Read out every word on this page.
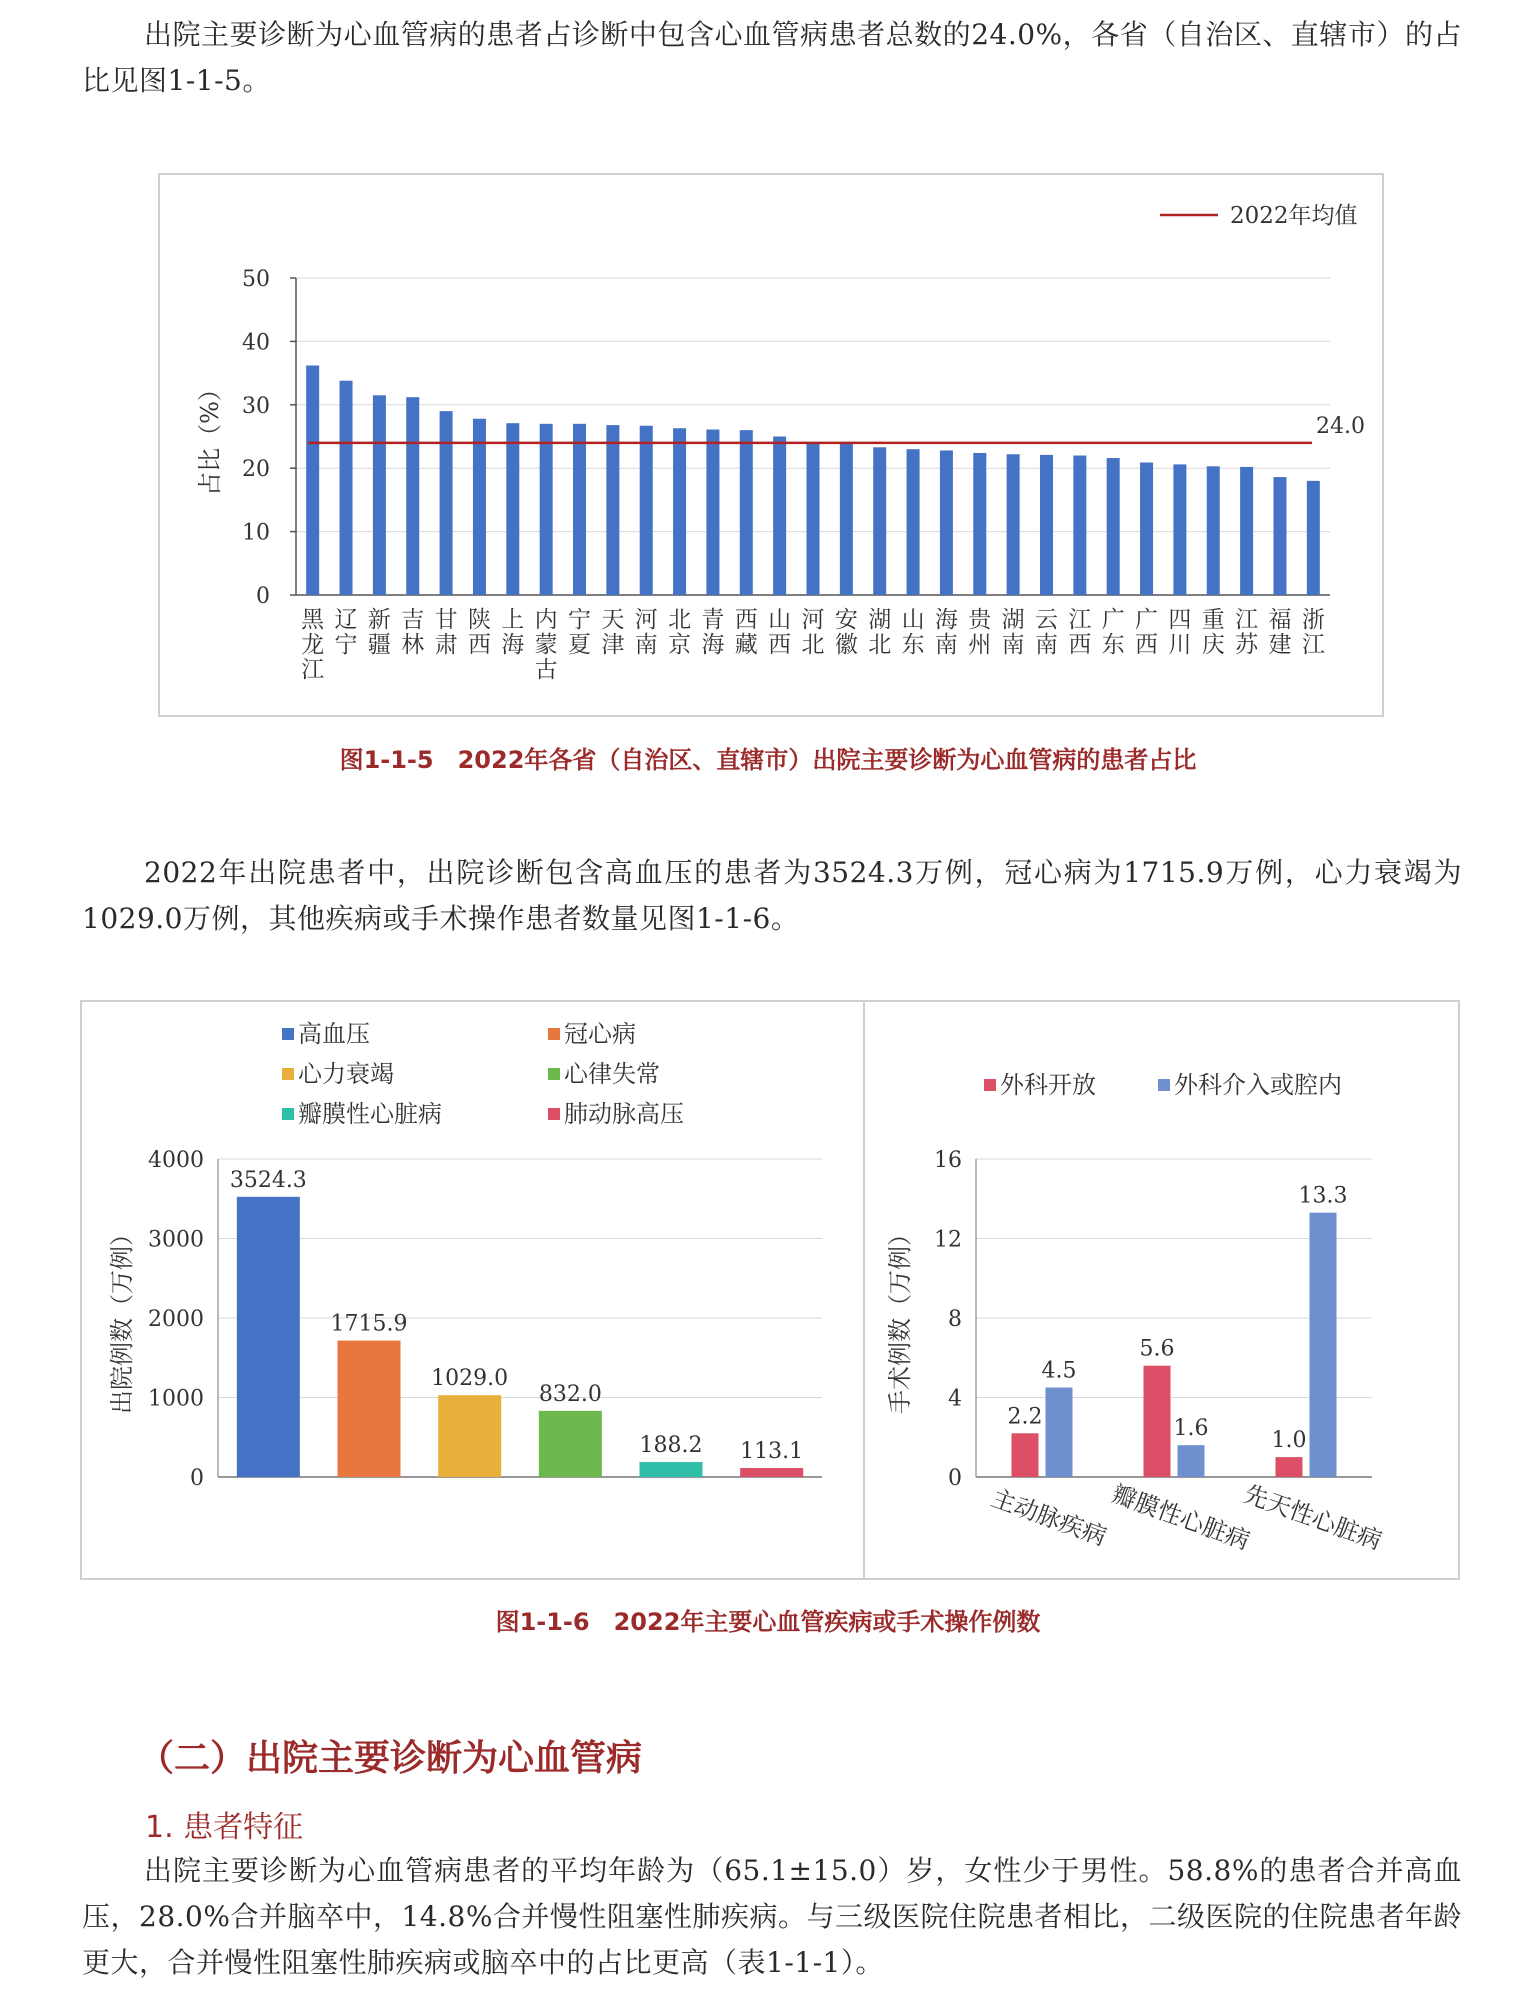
出院主要诊断为心血管病的患者占诊断中包含心血管病患者总数的24.0%，各省（自治区、直辖市）的占比见图1-1-5。

0
10
20
30
40
50
占比（%）
黑龙江
辽宁
新疆
吉林
甘肃
陕西
上海
内蒙古
宁夏
天津
河南
北京
青海
西藏
山西
河北
安徽
湖北
山东
海南
贵州
湖南
云南
江西
广东
广西
四川
重庆
江苏
福建
浙江
24.0
2022年均值
图1-1-5　2022年各省（自治区、直辖市）出院主要诊断为心血管病的患者占比

2022年出院患者中，出院诊断包含高血压的患者为3524.3万例，冠心病为1715.9万例，心力衰竭为1029.0万例，其他疾病或手术操作患者数量见图1-1-6。

0
1000
2000
3000
4000
出院例数（万例）
3524.3
1715.9
1029.0
832.0
188.2 113.1
高血压	冠心病
心力衰竭	心律失常
瓣膜性心脏病	肺动脉高压
0
4
8
12
16
手术例数（万例）
2.2
4.5
主动脉疾病
5.6
1.6
瓣膜性心脏病
1.0
13.3
先天性心脏病
外科开放	外科介入或腔内
图1-1-6　2022年主要心血管疾病或手术操作例数
（二）出院主要诊断为心血管病
1. 患者特征

出院主要诊断为心血管病患者的平均年龄为（65.1±15.0）岁，女性少于男性。58.8%的患者合并高血压，28.0%合并脑卒中，14.8%合并慢性阻塞性肺疾病。与三级医院住院患者相比，二级医院的住院患者年龄更大，合并慢性阻塞性肺疾病或脑卒中的占比更高（表1-1-1）。
